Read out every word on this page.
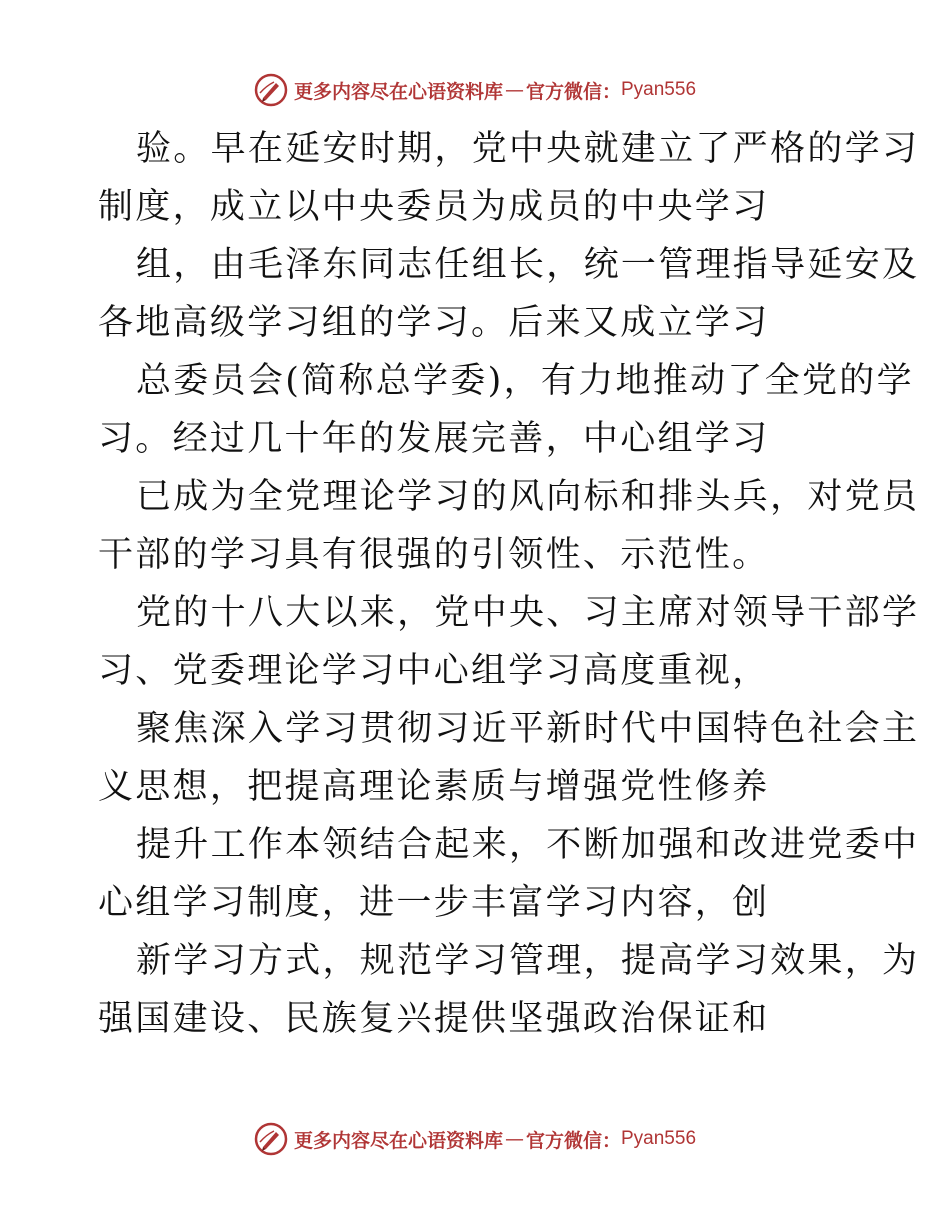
更多内容尽在心语资料库 — 官方微信： Pyan556
验。早在延安时期，党中央就建立了严格的学习
制度，成立以中央委员为成员的中央学习
组，由毛泽东同志任组长，统一管理指导延安及
各地高级学习组的学习。后来又成立学习
总委员会(简称总学委)，有力地推动了全党的学
习。经过几十年的发展完善，中心组学习
已成为全党理论学习的风向标和排头兵，对党员
干部的学习具有很强的引领性、示范性。
党的十八大以来，党中央、习主席对领导干部学
习、党委理论学习中心组学习高度重视，
聚焦深入学习贯彻习近平新时代中国特色社会主
义思想，把提高理论素质与增强党性修养
提升工作本领结合起来，不断加强和改进党委中
心组学习制度，进一步丰富学习内容，创
新学习方式，规范学习管理，提高学习效果，为
强国建设、民族复兴提供坚强政治保证和
更多内容尽在心语资料库 — 官方微信： Pyan556
